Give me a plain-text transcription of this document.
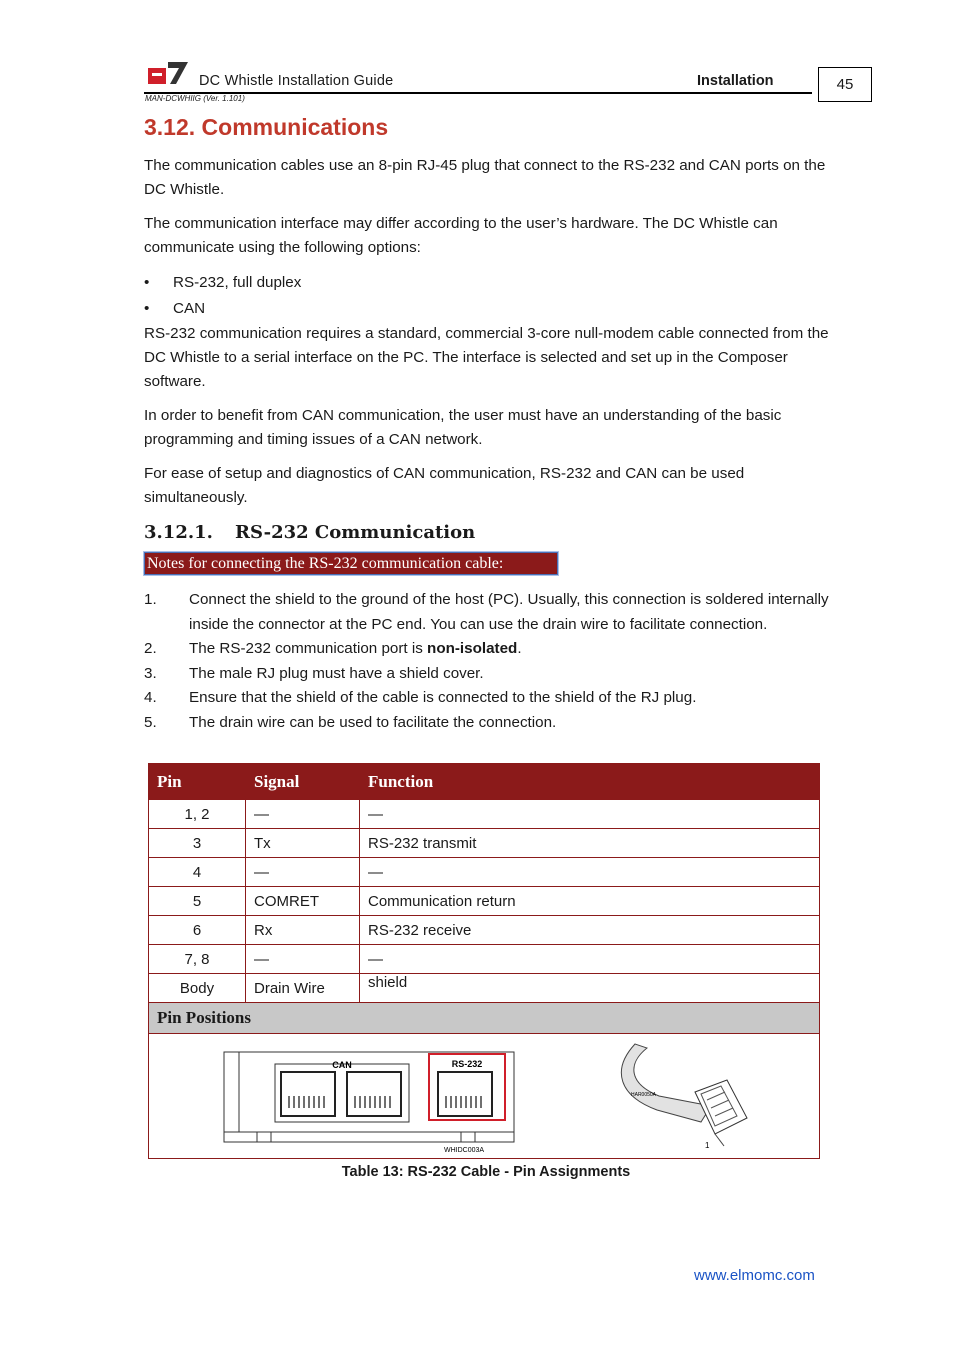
DC Whistle Installation Guide	Installation
MAN-DCWHIIG (Ver. 1.101)
45
3.12. Communications
The communication cables use an 8-pin RJ-45 plug that connect to the RS-232 and CAN ports on the DC Whistle.
The communication interface may differ according to the user’s hardware. The DC Whistle can communicate using the following options:
• RS-232, full duplex
• CAN
RS-232 communication requires a standard, commercial 3-core null-modem cable connected from the DC Whistle to a serial interface on the PC. The interface is selected and set up in the Composer software.
In order to benefit from CAN communication, the user must have an understanding of the basic programming and timing issues of a CAN network.
For ease of setup and diagnostics of CAN communication, RS-232 and CAN can be used simultaneously.
3.12.1. RS-232 Communication
Notes for connecting the RS-232 communication cable:
1.	Connect the shield to the ground of the host (PC). Usually, this connection is soldered internally inside the connector at the PC end. You can use the drain wire to facilitate connection.
2.	The RS-232 communication port is non-isolated.
3.	The male RJ plug must have a shield cover.
4.	Ensure that the shield of the cable is connected to the shield of the RJ plug.
5.	The drain wire can be used to facilitate the connection.
Pin	Signal	Function
1, 2	—	—
3	Tx	RS-232 transmit
4	—	—
5	COMRET	Communication return
6	Rx	RS-232 receive
7, 8	—	—
Body	Drain Wire	shield
Pin Positions		

CAN RS-232
WHIDC003A
HAR0050A
1		
Table 13: RS-232 Cable - Pin Assignments
www.elmomc.com
